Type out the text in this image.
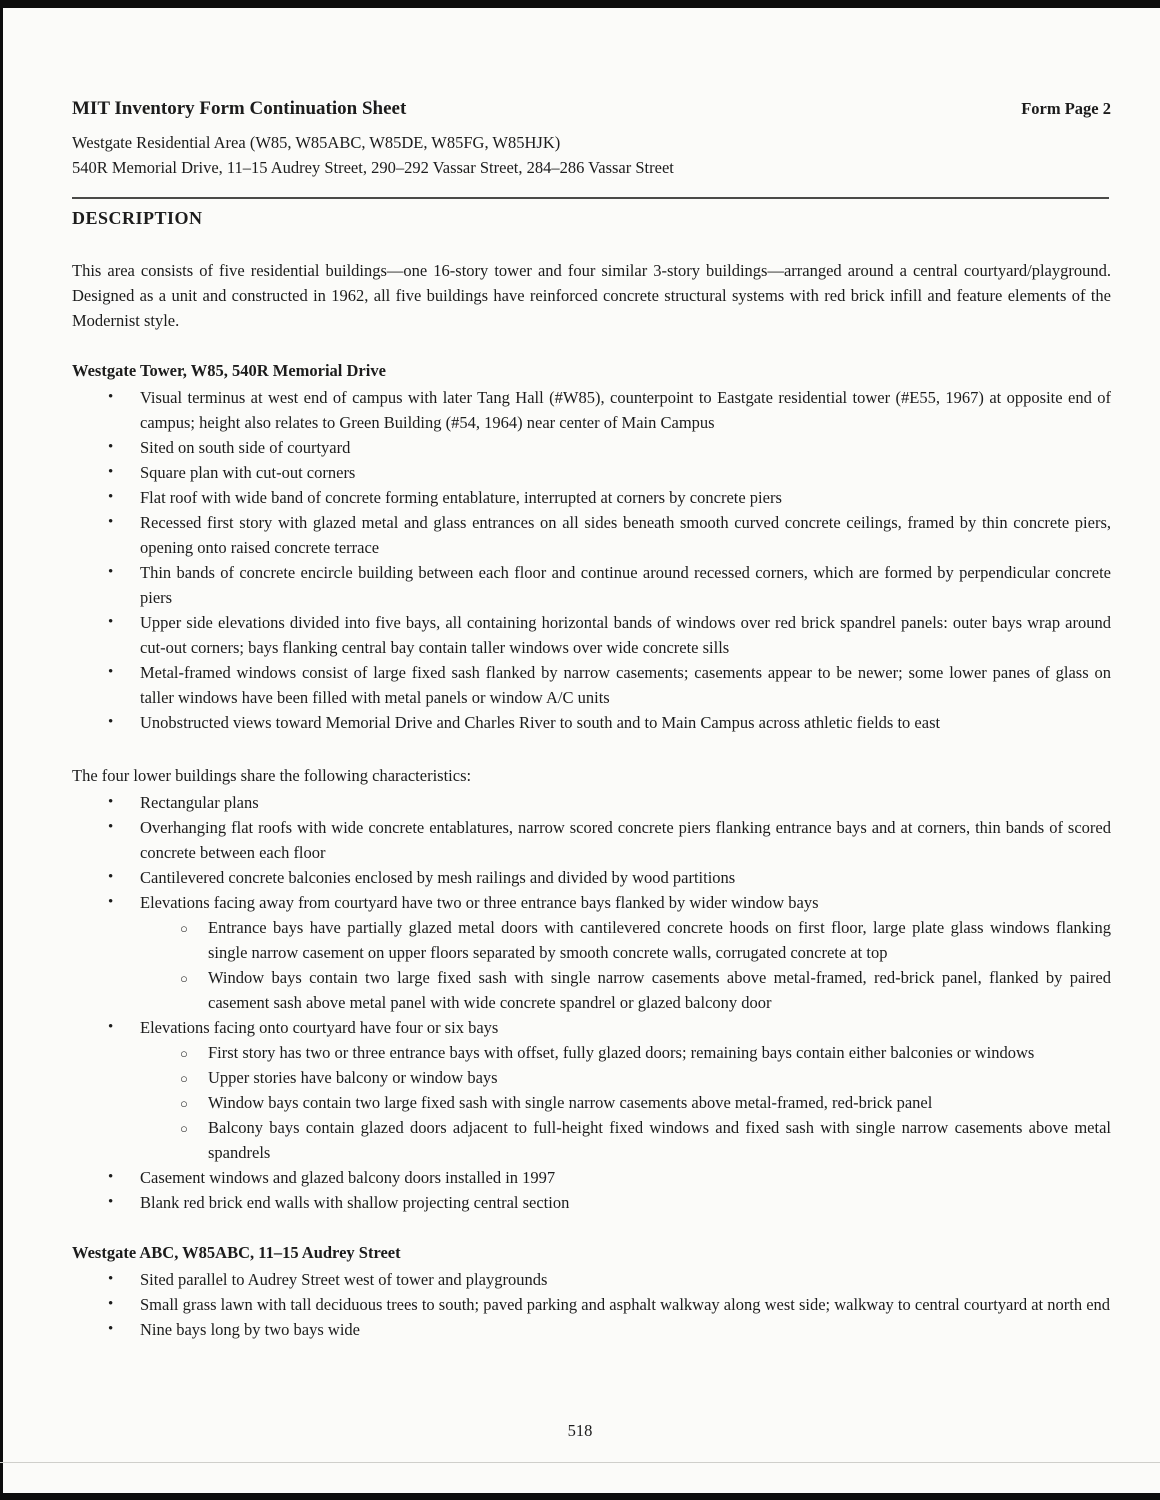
MIT Inventory Form Continuation Sheet	Form Page 2

Westgate Residential Area (W85, W85ABC, W85DE, W85FG, W85HJK)

540R Memorial Drive, 11–15 Audrey Street, 290–292 Vassar Street, 284–286 Vassar Street

DESCRIPTION

This area consists of five residential buildings—one 16-story tower and four similar 3-story buildings—arranged around a central courtyard/playground. Designed as a unit and constructed in 1962, all five buildings have reinforced concrete structural systems with red brick infill and feature elements of the Modernist style.

Westgate Tower, W85, 540R Memorial Drive
• Visual terminus at west end of campus with later Tang Hall (#W85), counterpoint to Eastgate residential tower (#E55, 1967) at opposite end of campus; height also relates to Green Building (#54, 1964) near center of Main Campus
• Sited on south side of courtyard
• Square plan with cut-out corners
• Flat roof with wide band of concrete forming entablature, interrupted at corners by concrete piers
• Recessed first story with glazed metal and glass entrances on all sides beneath smooth curved concrete ceilings, framed by thin concrete piers, opening onto raised concrete terrace
• Thin bands of concrete encircle building between each floor and continue around recessed corners, which are formed by perpendicular concrete piers
• Upper side elevations divided into five bays, all containing horizontal bands of windows over red brick spandrel panels: outer bays wrap around cut-out corners; bays flanking central bay contain taller windows over wide concrete sills
• Metal-framed windows consist of large fixed sash flanked by narrow casements; casements appear to be newer; some lower panes of glass on taller windows have been filled with metal panels or window A/C units
• Unobstructed views toward Memorial Drive and Charles River to south and to Main Campus across athletic fields to east

The four lower buildings share the following characteristics:

• Rectangular plans
• Overhanging flat roofs with wide concrete entablatures, narrow scored concrete piers flanking entrance bays and at corners, thin bands of scored concrete between each floor
• Cantilevered concrete balconies enclosed by mesh railings and divided by wood partitions
• Elevations facing away from courtyard have two or three entrance bays flanked by wider window bays
○ Entrance bays have partially glazed metal doors with cantilevered concrete hoods on first floor, large plate glass windows flanking single narrow casement on upper floors separated by smooth concrete walls, corrugated concrete at top
○ Window bays contain two large fixed sash with single narrow casements above metal-framed, red-brick panel, flanked by paired casement sash above metal panel with wide concrete spandrel or glazed balcony door
• Elevations facing onto courtyard have four or six bays
○ First story has two or three entrance bays with offset, fully glazed doors; remaining bays contain either balconies or windows
○ Upper stories have balcony or window bays
○ Window bays contain two large fixed sash with single narrow casements above metal-framed, red-brick panel
○ Balcony bays contain glazed doors adjacent to full-height fixed windows and fixed sash with single narrow casements above metal spandrels
• Casement windows and glazed balcony doors installed in 1997
• Blank red brick end walls with shallow projecting central section
Westgate ABC, W85ABC, 11–15 Audrey Street
• Sited parallel to Audrey Street west of tower and playgrounds
• Small grass lawn with tall deciduous trees to south; paved parking and asphalt walkway along west side; walkway to central courtyard at north end
• Nine bays long by two bays wide
518
